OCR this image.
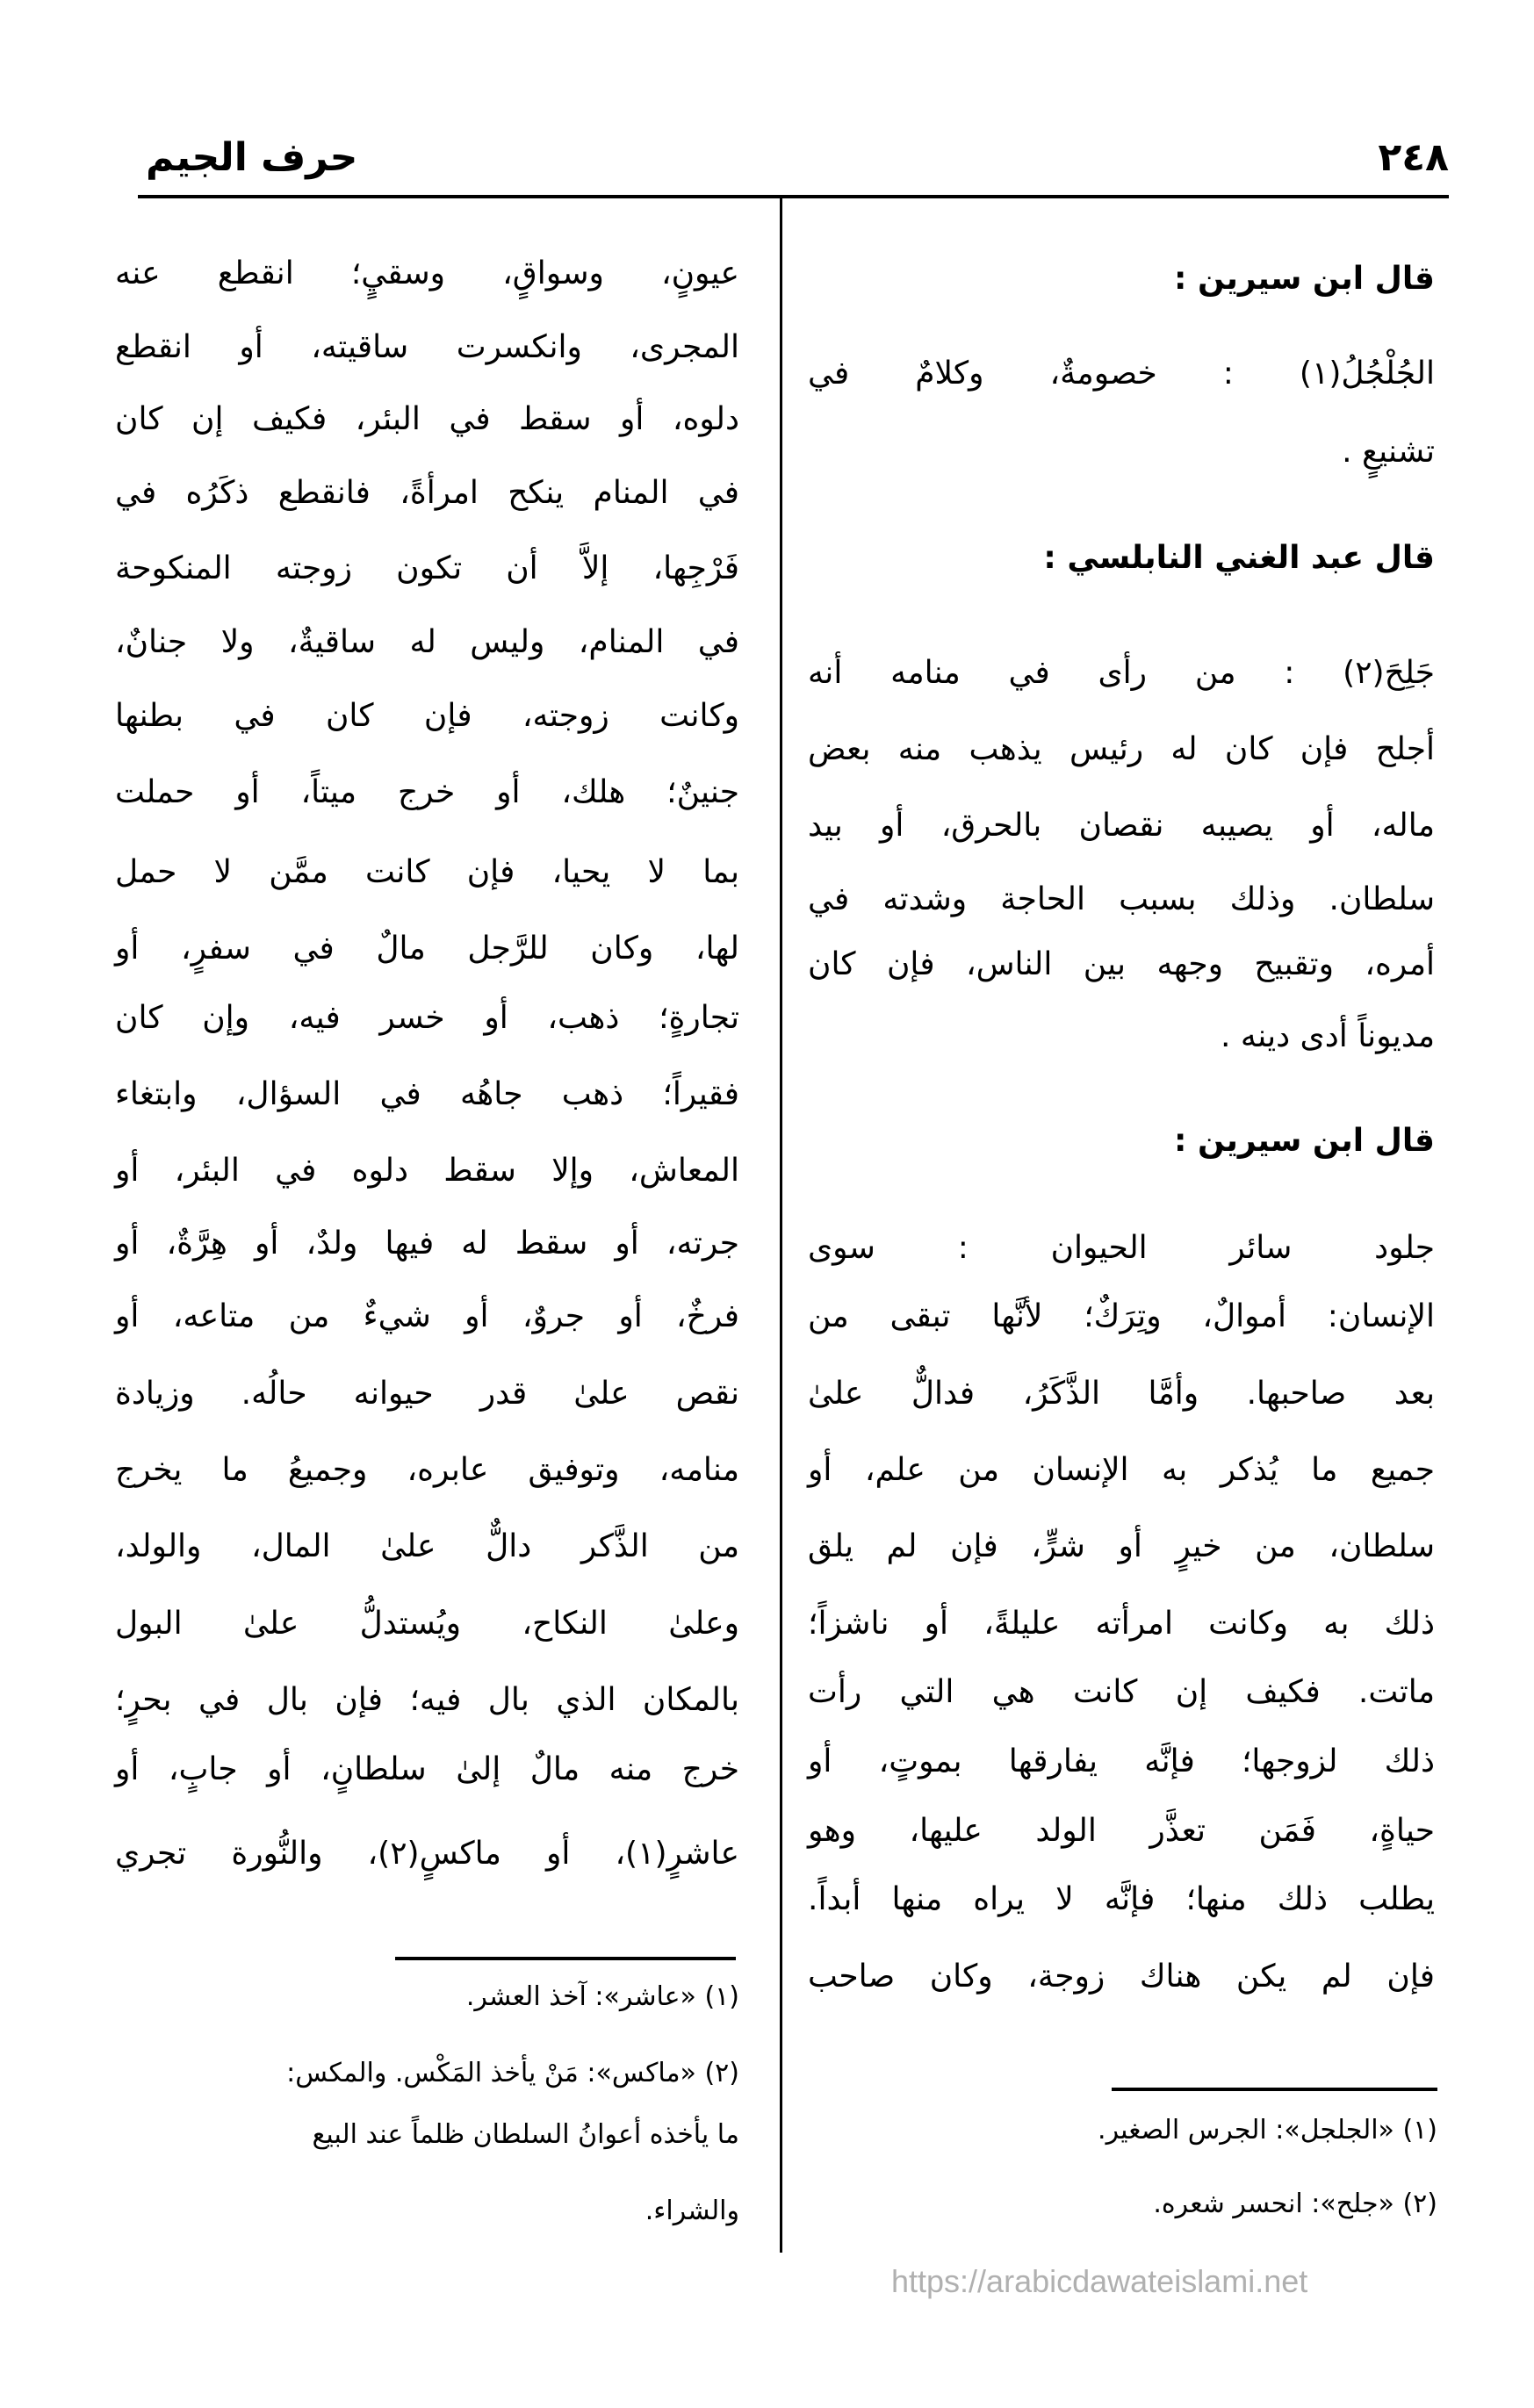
٢٤٨
حرف الجيم
قال ابن سيرين :
الجُلْجُلُ(١) : خصومةٌ، وكلامٌ في
تشنيعٍ .
قال عبد الغني النابلسي :
جَلِحَ(٢) : من رأى في منامه أنه
أجلح فإن كان له رئيس يذهب منه بعض
ماله، أو يصيبه نقصان بالحرق، أو بيد
سلطان. وذلك بسبب الحاجة وشدته في
أمره، وتقبيح وجهه بين الناس، فإن كان
مديوناً أدى دينه .
قال ابن سيرين :
جلود سائر الحيوان : سوى
الإنسان: أموالٌ، وتِرَكٌ؛ لأنَّها تبقى من
بعد صاحبها. وأمَّا الذَّكَرُ، فدالٌّ علىٰ
جميع ما يُذكر به الإنسان من علم، أو
سلطان، من خيرٍ أو شرٍّ، فإن لم يلق
ذلك به وكانت امرأته عليلةً، أو ناشزاً؛
ماتت. فكيف إن كانت هي التي رأت
ذلك لزوجها؛ فإنَّه يفارقها بموتٍ، أو
حياةٍ، فَمَن تعذَّر الولد عليها، وهو
يطلب ذلك منها؛ فإنَّه لا يراه منها أبداً.
فإن لم يكن هناك زوجة، وكان صاحب
(١) «الجلجل»: الجرس الصغير.
(٢) «جلح»: انحسر شعره.
عيونٍ، وسواقٍ، وسقيٍ؛ انقطع عنه
المجرى، وانكسرت ساقيته، أو انقطع
دلوه، أو سقط في البئر، فكيف إن كان
في المنام ينكح امرأةً، فانقطع ذكَرُه في
فَرْجِها، إلاَّ أن تكون زوجته المنكوحة
في المنام، وليس له ساقيةٌ، ولا جنانٌ،
وكانت زوجته، فإن كان في بطنها
جنينٌ؛ هلك، أو خرج ميتاً، أو حملت
بما لا يحيا، فإن كانت ممَّن لا حمل
لها، وكان للرَّجل مالٌ في سفرٍ، أو
تجارةٍ؛ ذهب، أو خسر فيه، وإن كان
فقيراً؛ ذهب جاهُه في السؤال، وابتغاء
المعاش، وإلا سقط دلوه في البئر، أو
جرته، أو سقط له فيها ولدٌ، أو هِرَّةٌ، أو
فرخٌ، أو جروٌ، أو شيءٌ من متاعه، أو
نقص علىٰ قدر حيوانه حالُه. وزيادة
منامه، وتوفيق عابره، وجميعُ ما يخرج
من الذَّكر دالٌّ علىٰ المال، والولد،
وعلىٰ النكاح، ويُستدلُّ علىٰ البول
بالمكان الذي بال فيه؛ فإن بال في بحرٍ؛
خرج منه مالٌ إلىٰ سلطانٍ، أو جابٍ، أو
عاشرٍ(١)، أو ماكسٍ(٢)، والنُّورة تجري
(١) «عاشر»: آخذ العشر.
(٢) «ماكس»: مَنْ يأخذ المَكْس. والمكس:
ما يأخذه أعوانُ السلطان ظلماً عند البيع
والشراء.
https://arabicdawateislami.net
